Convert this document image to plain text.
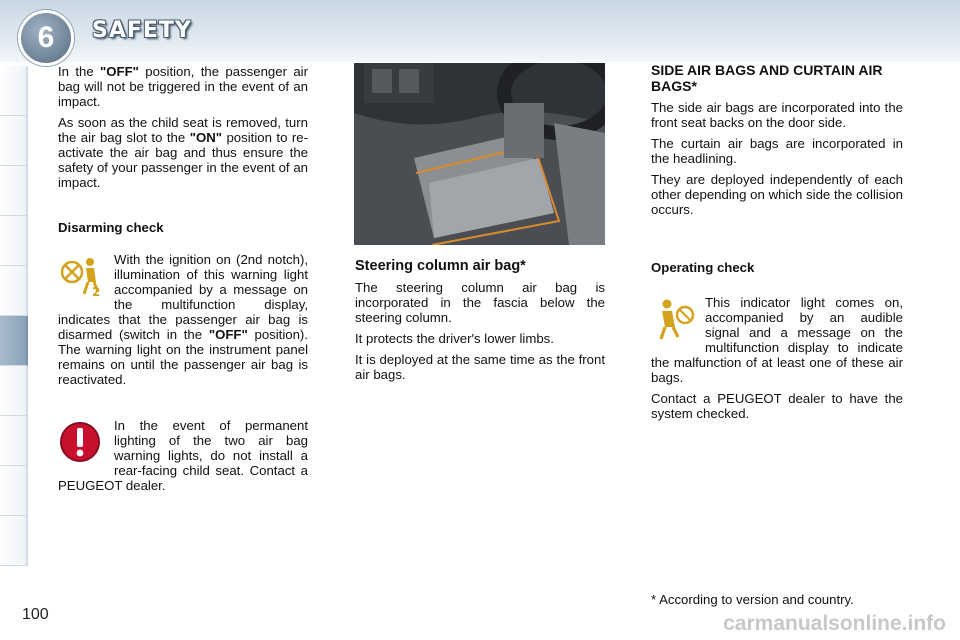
6	SAFETY

In the "OFF" position, the passenger air bag will not be triggered in the event of an impact.

As soon as the child seat is removed, turn the air bag slot to the "ON" position to re-activate the air bag and thus ensure the safety of your passenger in the event of an impact.

Disarming check

2

With the ignition on (2nd notch), illumination of this warning light accompanied by a message on the multifunction display, indicates that the passenger air bag is disarmed (switch in the "OFF" position). The warning light on the instrument panel remains on until the passenger air bag is reactivated.

In the event of permanent lighting of the two air bag warning lights, do not install a rear-facing child seat. Contact a PEUGEOT dealer.

Steering column air bag*

The steering column air bag is incorporated in the fascia below the steering column.

It protects the driver's lower limbs.

It is deployed at the same time as the front air bags.

SIDE AIR BAGS AND CURTAIN AIR BAGS*

The side air bags are incorporated into the front seat backs on the door side.

The curtain air bags are incorporated in the headlining.

They are deployed independently of each other depending on which side the collision occurs.

Operating check

This indicator light comes on, accompanied by an audible signal and a message on the multifunction display to indicate the malfunction of at least one of these air bags.

Contact a PEUGEOT dealer to have the system checked.

* According to version and country.
100	carmanualsonline.info
